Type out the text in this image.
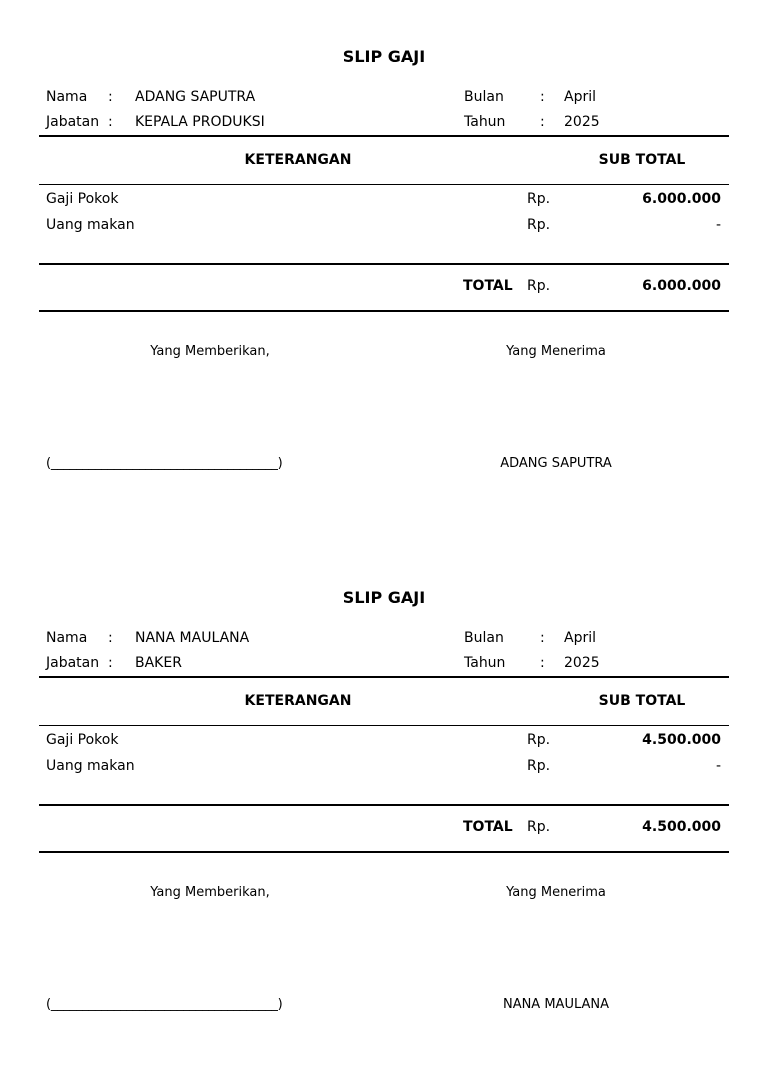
SLIP GAJI
Nama : ADANG SAPUTRA
Jabatan : KEPALA PRODUKSI
Bulan	: April
Tahun : 2025
KETERANGAN	SUB TOTAL
Gaji Pokok	Rp.	6.000.000
Uang makan	Rp.	-
TOTAL Rp.	6.000.000
Yang Memberikan,	Yang Menerima
(____________________________________)	ADANG SAPUTRA
SLIP GAJI
Nama : NANA MAULANA
Jabatan : BAKER
Bulan	: April
Tahun : 2025
KETERANGAN	SUB TOTAL
Gaji Pokok	Rp.	4.500.000
Uang makan	Rp.	-
TOTAL Rp.	4.500.000
Yang Memberikan,	Yang Menerima
(____________________________________)	NANA MAULANA
